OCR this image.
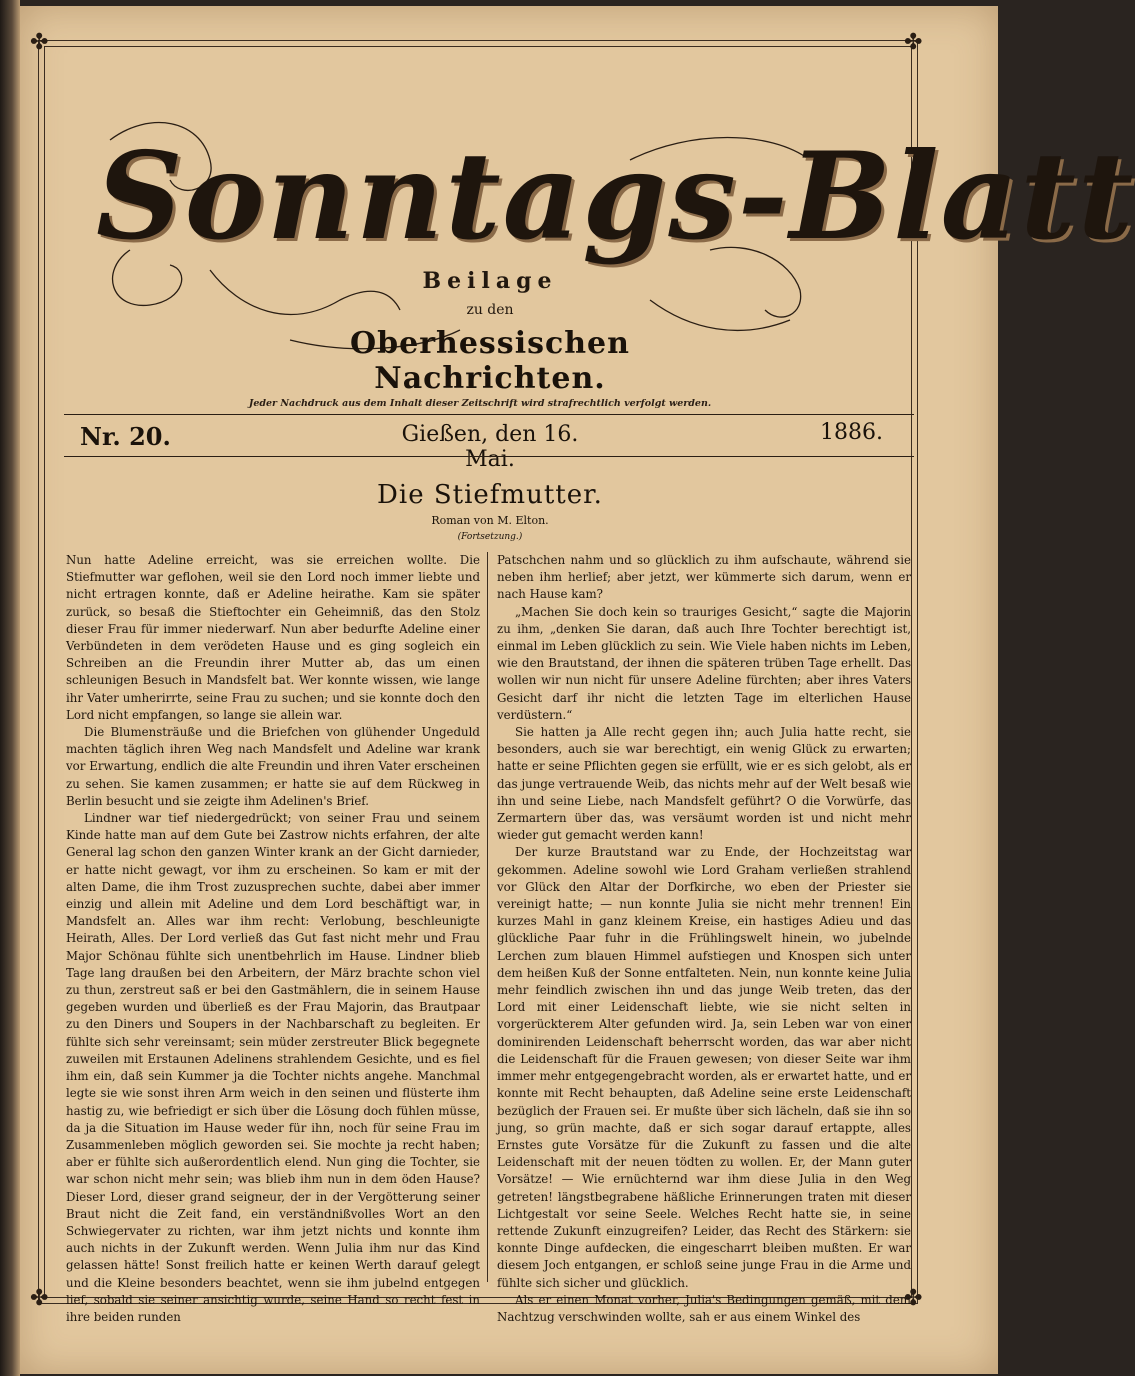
✤	✤
✤	✤
Sonntags-Blatt
Beilage
zu den
Oberhessischen Nachrichten.
Jeder Nachdruck aus dem Inhalt dieser Zeitschrift wird strafrechtlich verfolgt werden.
Nr. 20.	Gießen, den 16. Mai.
1886.
Die Stiefmutter.
Roman von M. Elton.
(Fortsetzung.)

Nun hatte Adeline erreicht, was sie erreichen wollte. Die Stiefmutter war geflohen, weil sie den Lord noch immer liebte und nicht ertragen konnte, daß er Adeline heirathe. Kam sie später zurück, so besaß die Stieftochter ein Geheimniß, das den Stolz dieser Frau für immer niederwarf. Nun aber bedurfte Adeline einer Verbündeten in dem verödeten Hause und es ging sogleich ein Schreiben an die Freundin ihrer Mutter ab, das um einen schleunigen Besuch in Mandsfelt bat. Wer konnte wissen, wie lange ihr Vater umherirrte, seine Frau zu suchen; und sie konnte doch den Lord nicht empfangen, so lange sie allein war.

Die Blumensträuße und die Briefchen von glühender Ungeduld machten täglich ihren Weg nach Mandsfelt und Adeline war krank vor Erwartung, endlich die alte Freundin und ihren Vater erscheinen zu sehen. Sie kamen zusammen; er hatte sie auf dem Rückweg in Berlin besucht und sie zeigte ihm Adelinen's Brief.

Lindner war tief niedergedrückt; von seiner Frau und seinem Kinde hatte man auf dem Gute bei Zastrow nichts erfahren, der alte General lag schon den ganzen Winter krank an der Gicht darnieder, er hatte nicht gewagt, vor ihm zu erscheinen. So kam er mit der alten Dame, die ihm Trost zuzusprechen suchte, dabei aber immer einzig und allein mit Adeline und dem Lord beschäftigt war, in Mandsfelt an. Alles war ihm recht: Verlobung, beschleunigte Heirath, Alles. Der Lord verließ das Gut fast nicht mehr und Frau Major Schönau fühlte sich unentbehrlich im Hause. Lindner blieb Tage lang draußen bei den Arbeitern, der März brachte schon viel zu thun, zerstreut saß er bei den Gastmählern, die in seinem Hause gegeben wurden und überließ es der Frau Majorin, das Brautpaar zu den Diners und Soupers in der Nachbarschaft zu begleiten. Er fühlte sich sehr vereinsamt; sein müder zerstreuter Blick begegnete zuweilen mit Erstaunen Adelinens strahlendem Gesichte, und es fiel ihm ein, daß sein Kummer ja die Tochter nichts angehe. Manchmal legte sie wie sonst ihren Arm weich in den seinen und flüsterte ihm hastig zu, wie befriedigt er sich über die Lösung doch fühlen müsse, da ja die Situation im Hause weder für ihn, noch für seine Frau im Zusammenleben möglich geworden sei. Sie mochte ja recht haben; aber er fühlte sich außerordentlich elend. Nun ging die Tochter, sie war schon nicht mehr sein; was blieb ihm nun in dem öden Hause? Dieser Lord, dieser grand seigneur, der in der Vergötterung seiner Braut nicht die Zeit fand, ein verständnißvolles Wort an den Schwiegervater zu richten, war ihm jetzt nichts und konnte ihm auch nichts in der Zukunft werden. Wenn Julia ihm nur das Kind gelassen hätte! Sonst freilich hatte er keinen Werth darauf gelegt und die Kleine besonders beachtet, wenn sie ihm jubelnd entgegen lief, sobald sie seiner ansichtig wurde, seine Hand so recht fest in ihre beiden runden

Patschchen nahm und so glücklich zu ihm aufschaute, während sie neben ihm herlief; aber jetzt, wer kümmerte sich darum, wenn er nach Hause kam?

„Machen Sie doch kein so trauriges Gesicht,“ sagte die Majorin zu ihm, „denken Sie daran, daß auch Ihre Tochter berechtigt ist, einmal im Leben glücklich zu sein. Wie Viele haben nichts im Leben, wie den Brautstand, der ihnen die späteren trüben Tage erhellt. Das wollen wir nun nicht für unsere Adeline fürchten; aber ihres Vaters Gesicht darf ihr nicht die letzten Tage im elterlichen Hause verdüstern.“

Sie hatten ja Alle recht gegen ihn; auch Julia hatte recht, sie besonders, auch sie war berechtigt, ein wenig Glück zu erwarten; hatte er seine Pflichten gegen sie erfüllt, wie er es sich gelobt, als er das junge vertrauende Weib, das nichts mehr auf der Welt besaß wie ihn und seine Liebe, nach Mandsfelt geführt? O die Vorwürfe, das Zermartern über das, was versäumt worden ist und nicht mehr wieder gut gemacht werden kann!

Der kurze Brautstand war zu Ende, der Hochzeitstag war gekommen. Adeline sowohl wie Lord Graham verließen strahlend vor Glück den Altar der Dorfkirche, wo eben der Priester sie vereinigt hatte; — nun konnte Julia sie nicht mehr trennen! Ein kurzes Mahl in ganz kleinem Kreise, ein hastiges Adieu und das glückliche Paar fuhr in die Frühlingswelt hinein, wo jubelnde Lerchen zum blauen Himmel aufstiegen und Knospen sich unter dem heißen Kuß der Sonne entfalteten. Nein, nun konnte keine Julia mehr feindlich zwischen ihn und das junge Weib treten, das der Lord mit einer Leidenschaft liebte, wie sie nicht selten in vorgerückterem Alter gefunden wird. Ja, sein Leben war von einer dominirenden Leidenschaft beherrscht worden, das war aber nicht die Leidenschaft für die Frauen gewesen; von dieser Seite war ihm immer mehr entgegengebracht worden, als er erwartet hatte, und er konnte mit Recht behaupten, daß Adeline seine erste Leidenschaft bezüglich der Frauen sei. Er mußte über sich lächeln, daß sie ihn so jung, so grün machte, daß er sich sogar darauf ertappte, alles Ernstes gute Vorsätze für die Zukunft zu fassen und die alte Leidenschaft mit der neuen tödten zu wollen. Er, der Mann guter Vorsätze! — Wie ernüchternd war ihm diese Julia in den Weg getreten! längstbegrabene häßliche Erinnerungen traten mit dieser Lichtgestalt vor seine Seele. Welches Recht hatte sie, in seine rettende Zukunft einzugreifen? Leider, das Recht des Stärkern: sie konnte Dinge aufdecken, die eingescharrt bleiben mußten. Er war diesem Joch entgangen, er schloß seine junge Frau in die Arme und fühlte sich sicher und glücklich.

Als er einen Monat vorher, Julia's Bedingungen gemäß, mit dem Nachtzug verschwinden wollte, sah er aus einem Winkel des
